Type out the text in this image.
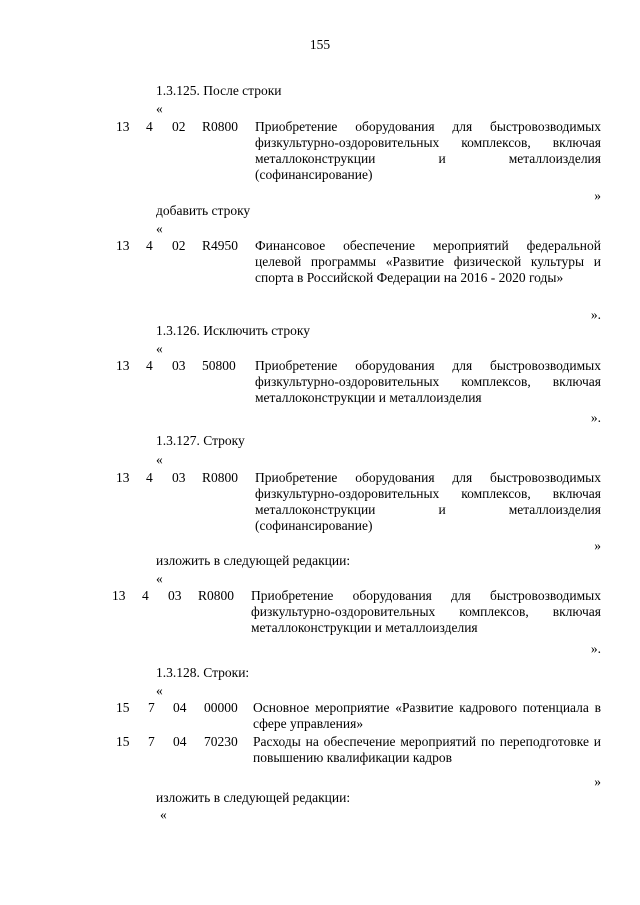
155
1.3.125. После строки
«
13 4 02 R0800 Приобретение оборудования для быстровозводимых физкультурно-оздоровительных комплексов, включая металлоконструкции и металлоизделия (софинансирование)
»
добавить строку
«
13 4 02 R4950 Финансовое обеспечение мероприятий федеральной целевой программы «Развитие физической культуры и спорта в Российской Федерации на 2016 - 2020 годы»
».
1.3.126. Исключить строку
«
13 4 03 50800 Приобретение оборудования для быстровозводимых физкультурно-оздоровительных комплексов, включая металлоконструкции и металлоизделия
».
1.3.127. Строку
«
13 4 03 R0800 Приобретение оборудования для быстровозводимых физкультурно-оздоровительных комплексов, включая металлоконструкции и металлоизделия (софинансирование)
»
изложить в следующей редакции:
«
13 4 03 R0800 Приобретение оборудования для быстровозводимых физкультурно-оздоровительных комплексов, включая металлоконструкции и металлоизделия
».
1.3.128. Строки:
«
15 7 04 00000 Основное мероприятие «Развитие кадрового потенциала в сфере управления»
15 7 04 70230 Расходы на обеспечение мероприятий по переподготовке и повышению квалификации кадров
»
изложить в следующей редакции:
«
